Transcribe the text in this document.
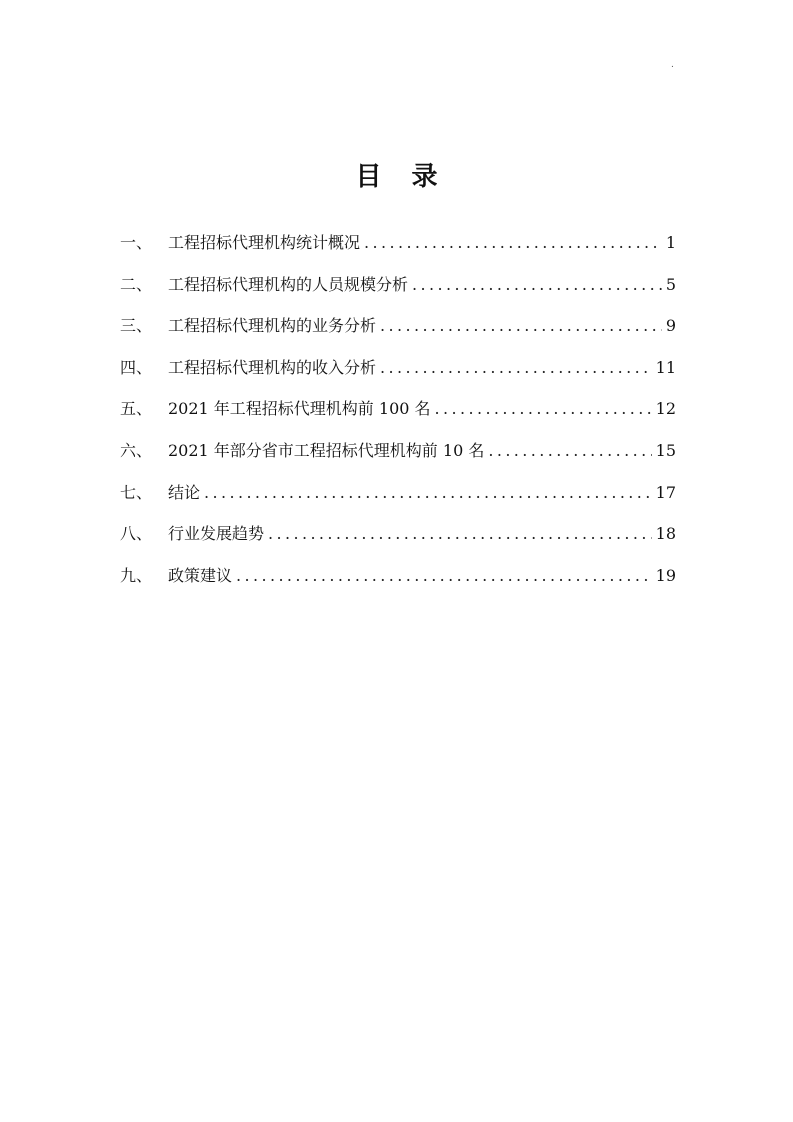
.
目录
一、 工程招标代理机构统计概况 .....	1
二、 工程招标代理机构的人员规模分析 .....	5
三、 工程招标代理机构的业务分析 .....	9
四、 工程招标代理机构的收入分析 .....	11
五、 2021 年工程招标代理机构前 100 名 .....	12
六、 2021 年部分省市工程招标代理机构前 10 名 .....	15
七、 结论 .....	17
八、 行业发展趋势 .....	18
九、 政策建议 .....	19
